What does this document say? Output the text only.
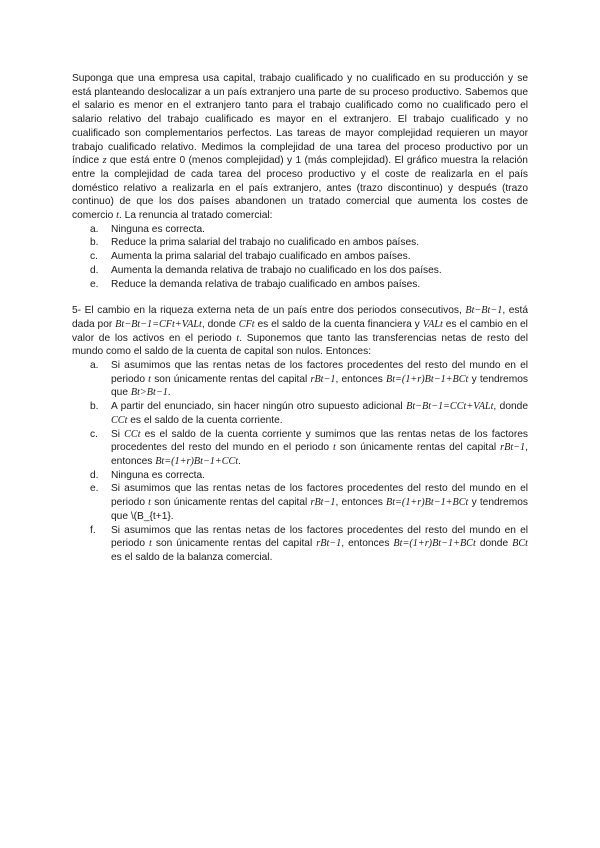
Suponga que una empresa usa capital, trabajo cualificado y no cualificado en su producción y se está planteando deslocalizar a un país extranjero una parte de su proceso productivo. Sabemos que el salario es menor en el extranjero tanto para el trabajo cualificado como no cualificado pero el salario relativo del trabajo cualificado es mayor en el extranjero. El trabajo cualificado y no cualificado son complementarios perfectos. Las tareas de mayor complejidad requieren un mayor trabajo cualificado relativo. Medimos la complejidad de una tarea del proceso productivo por un índice z que está entre 0 (menos complejidad) y 1 (más complejidad). El gráfico muestra la relación entre la complejidad de cada tarea del proceso productivo y el coste de realizarla en el país doméstico relativo a realizarla en el país extranjero, antes (trazo discontinuo) y después (trazo continuo) de que los dos países abandonen un tratado comercial que aumenta los costes de comercio t. La renuncia al tratado comercial:

a. Ninguna es correcta.
b. Reduce la prima salarial del trabajo no cualificado en ambos países.
c. Aumenta la prima salarial del trabajo cualificado en ambos países.
d. Aumenta la demanda relativa de trabajo no cualificado en los dos países.
e. Reduce la demanda relativa de trabajo cualificado en ambos países.

5- El cambio en la riqueza externa neta de un país entre dos periodos consecutivos, Bt−Bt−1, está dada por Bt−Bt−1=CFt+VALt, donde CFt es el saldo de la cuenta financiera y VALt es el cambio en el valor de los activos en el periodo t. Suponemos que tanto las transferencias netas de resto del mundo como el saldo de la cuenta de capital son nulos. Entonces:

a. Si asumimos que las rentas netas de los factores procedentes del resto del mundo en el periodo t son únicamente rentas del capital rBt−1, entonces Bt=(1+r)Bt−1+BCt y tendremos que Bt>Bt−1.
b. A partir del enunciado, sin hacer ningún otro supuesto adicional Bt−Bt−1=CCt+VALt, donde CCt es el saldo de la cuenta corriente.
c. Si CCt es el saldo de la cuenta corriente y sumimos que las rentas netas de los factores procedentes del resto del mundo en el periodo t son únicamente rentas del capital rBt−1, entonces Bt=(1+r)Bt−1+CCt.
d. Ninguna es correcta.
e. Si asumimos que las rentas netas de los factores procedentes del resto del mundo en el periodo t son únicamente rentas del capital rBt−1, entonces Bt=(1+r)Bt−1+BCt y tendremos que \(B_{t+1}.
f. Si asumimos que las rentas netas de los factores procedentes del resto del mundo en el periodo t son únicamente rentas del capital rBt−1, entonces Bt=(1+r)Bt−1+BCt donde BCt es el saldo de la balanza comercial.
